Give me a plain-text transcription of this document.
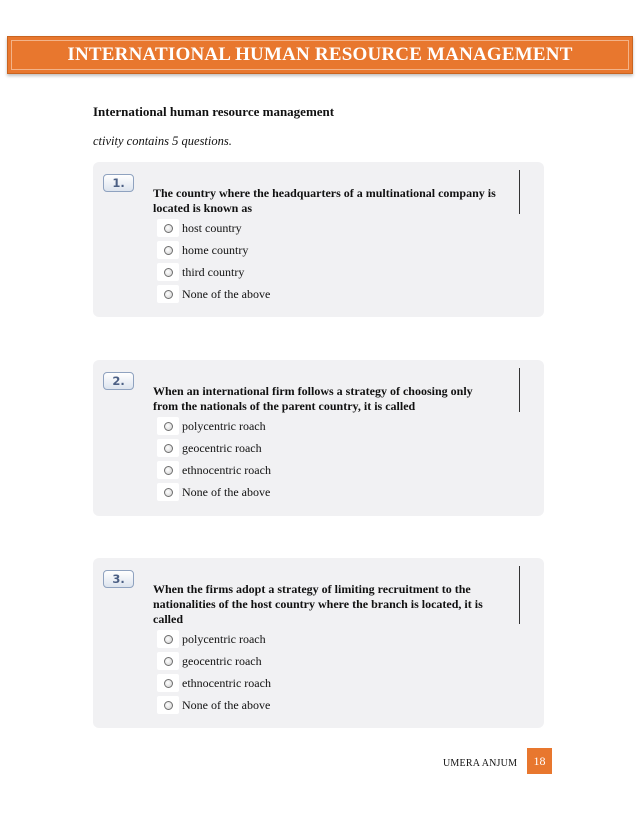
INTERNATIONAL HUMAN RESOURCE MANAGEMENT
International human resource management
ctivity contains 5 questions.
1.
The country where the headquarters of a multinational company is
located is known as
host country
home country
third country
None of the above
2.
When an international firm follows a strategy of choosing only
from the nationals of the parent country, it is called
polycentric roach
geocentric roach
ethnocentric roach
None of the above
3.
When the firms adopt a strategy of limiting recruitment to the
nationalities of the host country where the branch is located, it is
called
polycentric roach
geocentric roach
ethnocentric roach
None of the above
UMERA ANJUM	18
